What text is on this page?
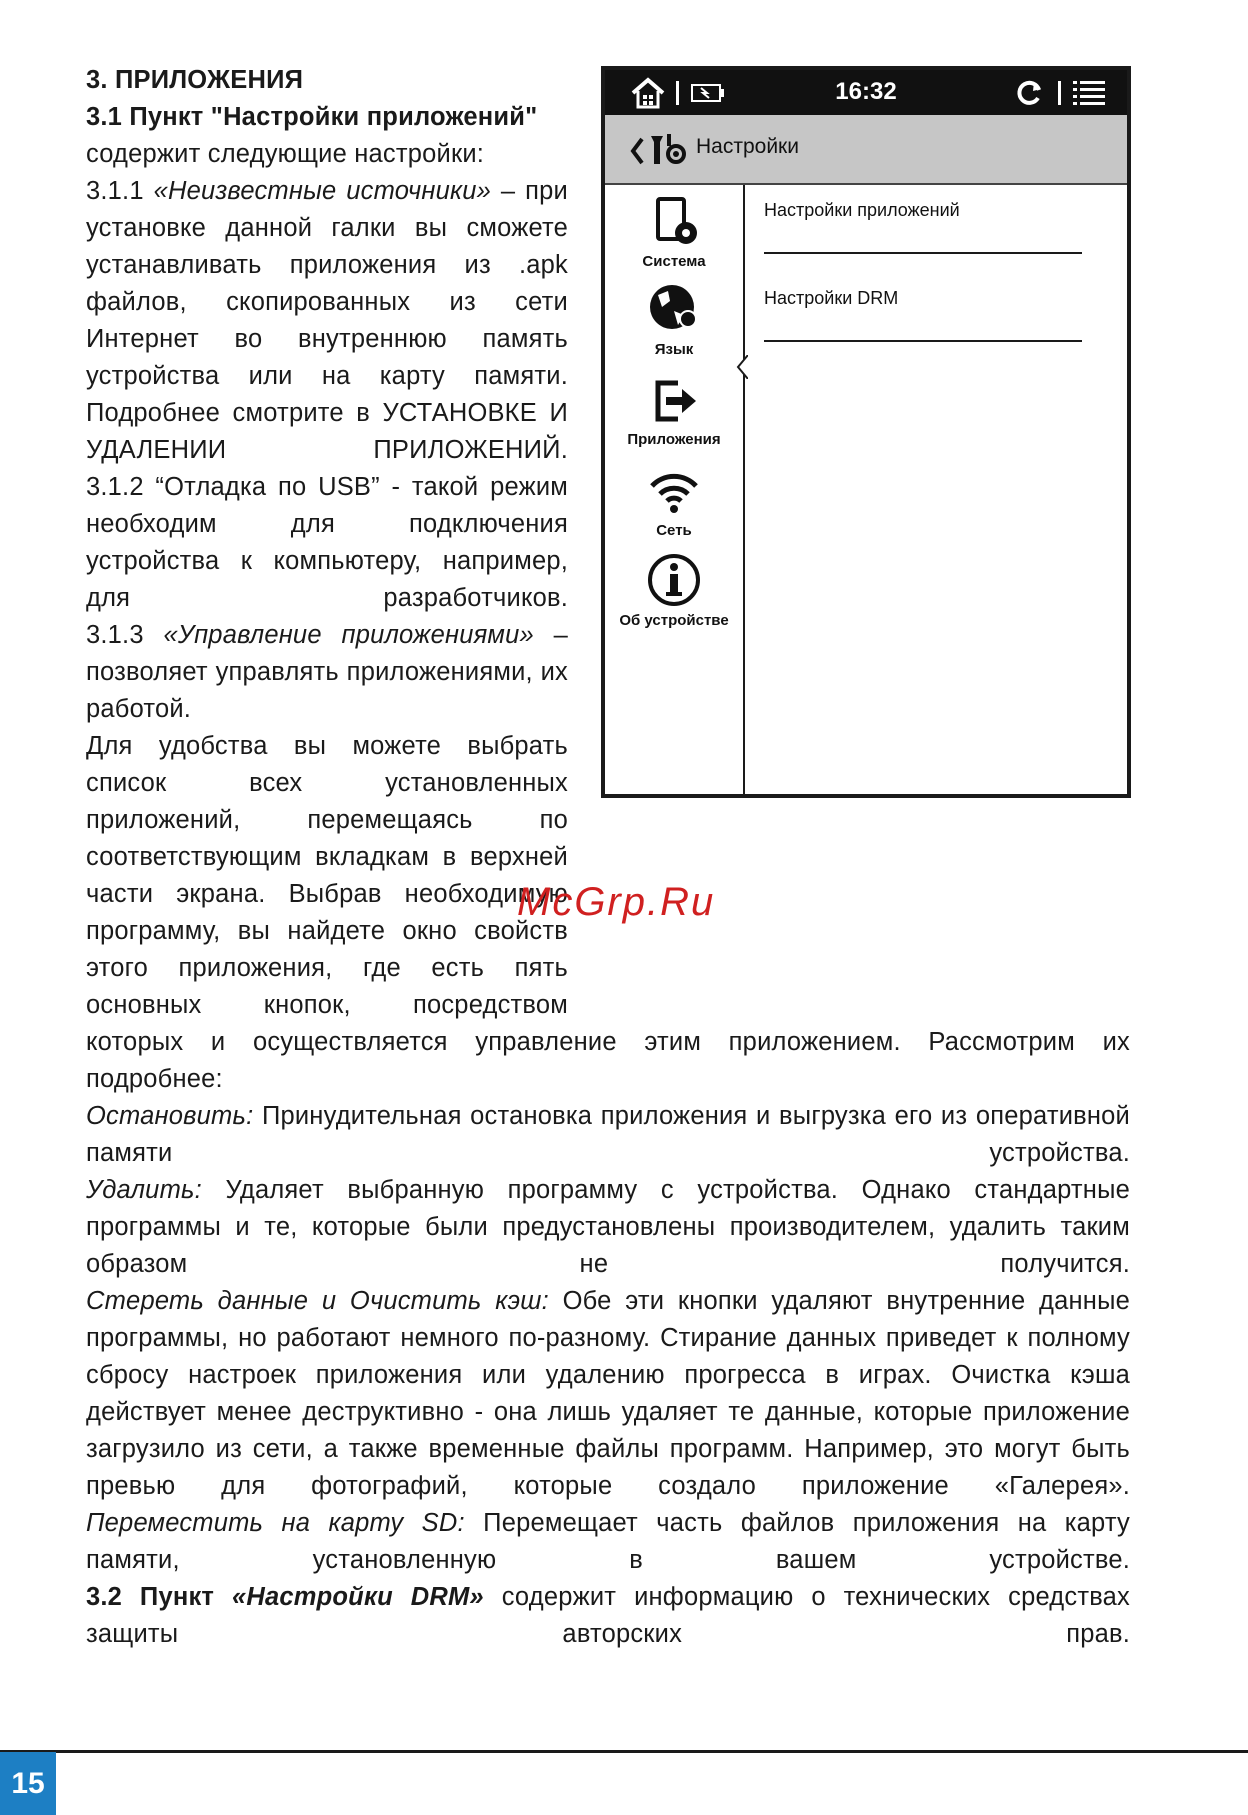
3. ПРИЛОЖЕНИЯ
3.1 Пункт "Настройки приложений"
содержит следующие настройки:

3.1.1 «Неизвестные источники» – при установке данной галки вы сможете устанавливать приложения из .apk файлов, скопированных из сети Интернет во внутреннюю память устройства или на карту памяти. Подробнее смотрите в УСТАНОВКЕ И УДАЛЕНИИ ПРИЛОЖЕНИЙ.

3.1.2 “Отладка по USB” - такой режим необходим для подключения устройства к компьютеру, например, для разработчиков.

3.1.3 «Управление приложениями» – позволяет управлять приложениями, их работой.

Для удобства вы можете выбрать список всех установленных приложений, перемещаясь по соответствующим вкладкам в верхней части экрана. Выбрав необходимую программу, вы найдете окно свойств этого приложения, где есть пять основных кнопок, посредством

которых и осуществляется управление этим приложением. Рассмотрим их подробнее:

Остановить: Принудительная остановка приложения и выгрузка его из оперативной памяти устройства.

Удалить: Удаляет выбранную программу с устройства. Однако стандартные программы и те, которые были предустановлены производителем, удалить таким образом не получится.

Стереть данные и Очистить кэш: Обе эти кнопки удаляют внутренние данные программы, но работают немного по-разному. Стирание данных приведет к полному сбросу настроек приложения или удалению прогресса в играх. Очистка кэша действует менее деструктивно - она лишь удаляет те данные, которые приложение загрузило из сети, а также временные файлы программ. Например, это могут быть превью для фотографий, которые создало приложение «Галерея».

Переместить на карту SD: Перемещает часть файлов приложения на карту памяти, установленную в вашем устройстве.

3.2 Пункт «Настройки DRM» содержит информацию о технических средствах защиты авторских прав.

16:32
Настройки
Система
Язык
Приложения
Сеть
Об устройстве
Настройки приложений
Настройки DRM
McGrp.Ru
15
